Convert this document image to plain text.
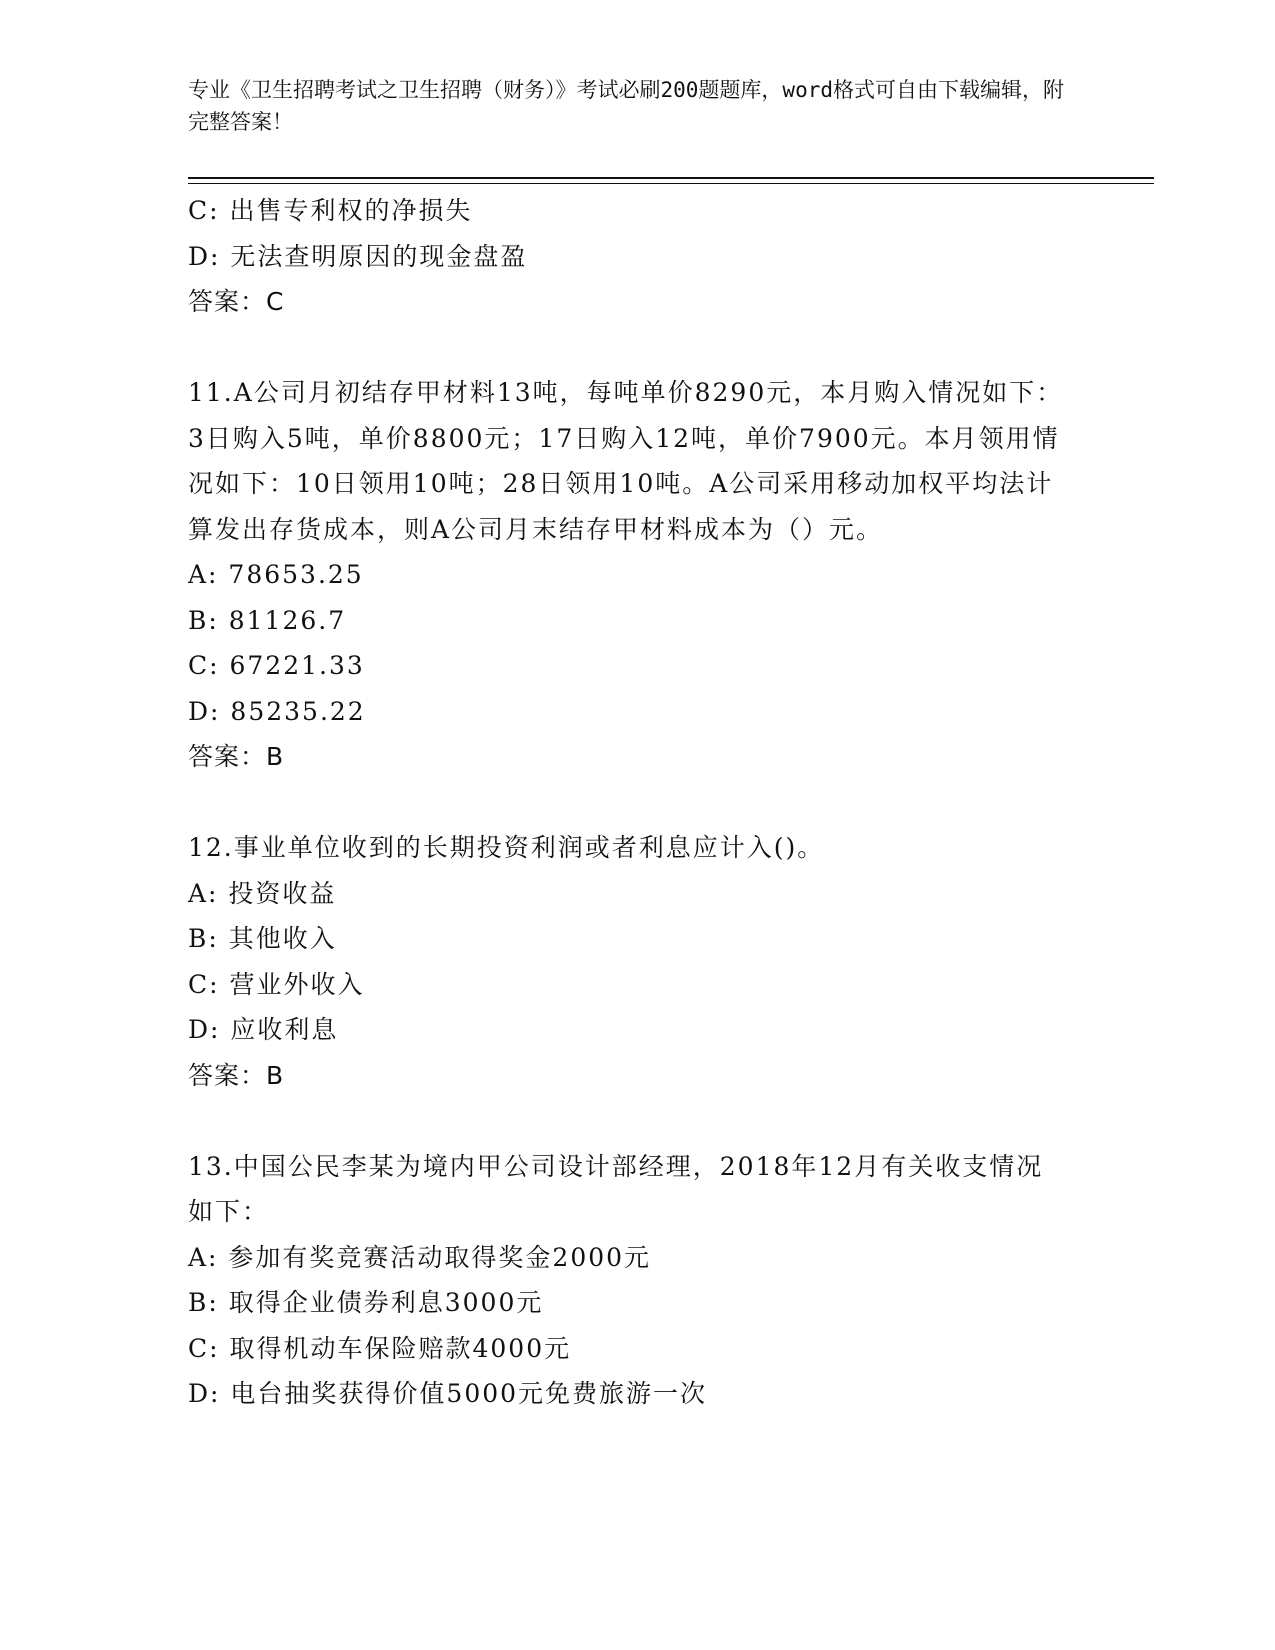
专业《卫生招聘考试之卫生招聘（财务）》考试必刷200题题库，word格式可自由下载编辑，附完整答案！
C: 出售专利权的净损失
D: 无法查明原因的现金盘盈
答案：C
11.A公司月初结存甲材料13吨，每吨单价8290元，本月购入情况如下：3日购入5吨，单价8800元；17日购入12吨，单价7900元。本月领用情况如下：10日领用10吨；28日领用10吨。A公司采用移动加权平均法计算发出存货成本，则A公司月末结存甲材料成本为（）元。
A: 78653.25
B: 81126.7
C: 67221.33
D: 85235.22
答案：B
12.事业单位收到的长期投资利润或者利息应计入()。
A: 投资收益
B: 其他收入
C: 营业外收入
D: 应收利息
答案：B
13.中国公民李某为境内甲公司设计部经理，2018年12月有关收支情况如下：
A: 参加有奖竞赛活动取得奖金2000元
B: 取得企业债券利息3000元
C: 取得机动车保险赔款4000元
D: 电台抽奖获得价值5000元免费旅游一次
